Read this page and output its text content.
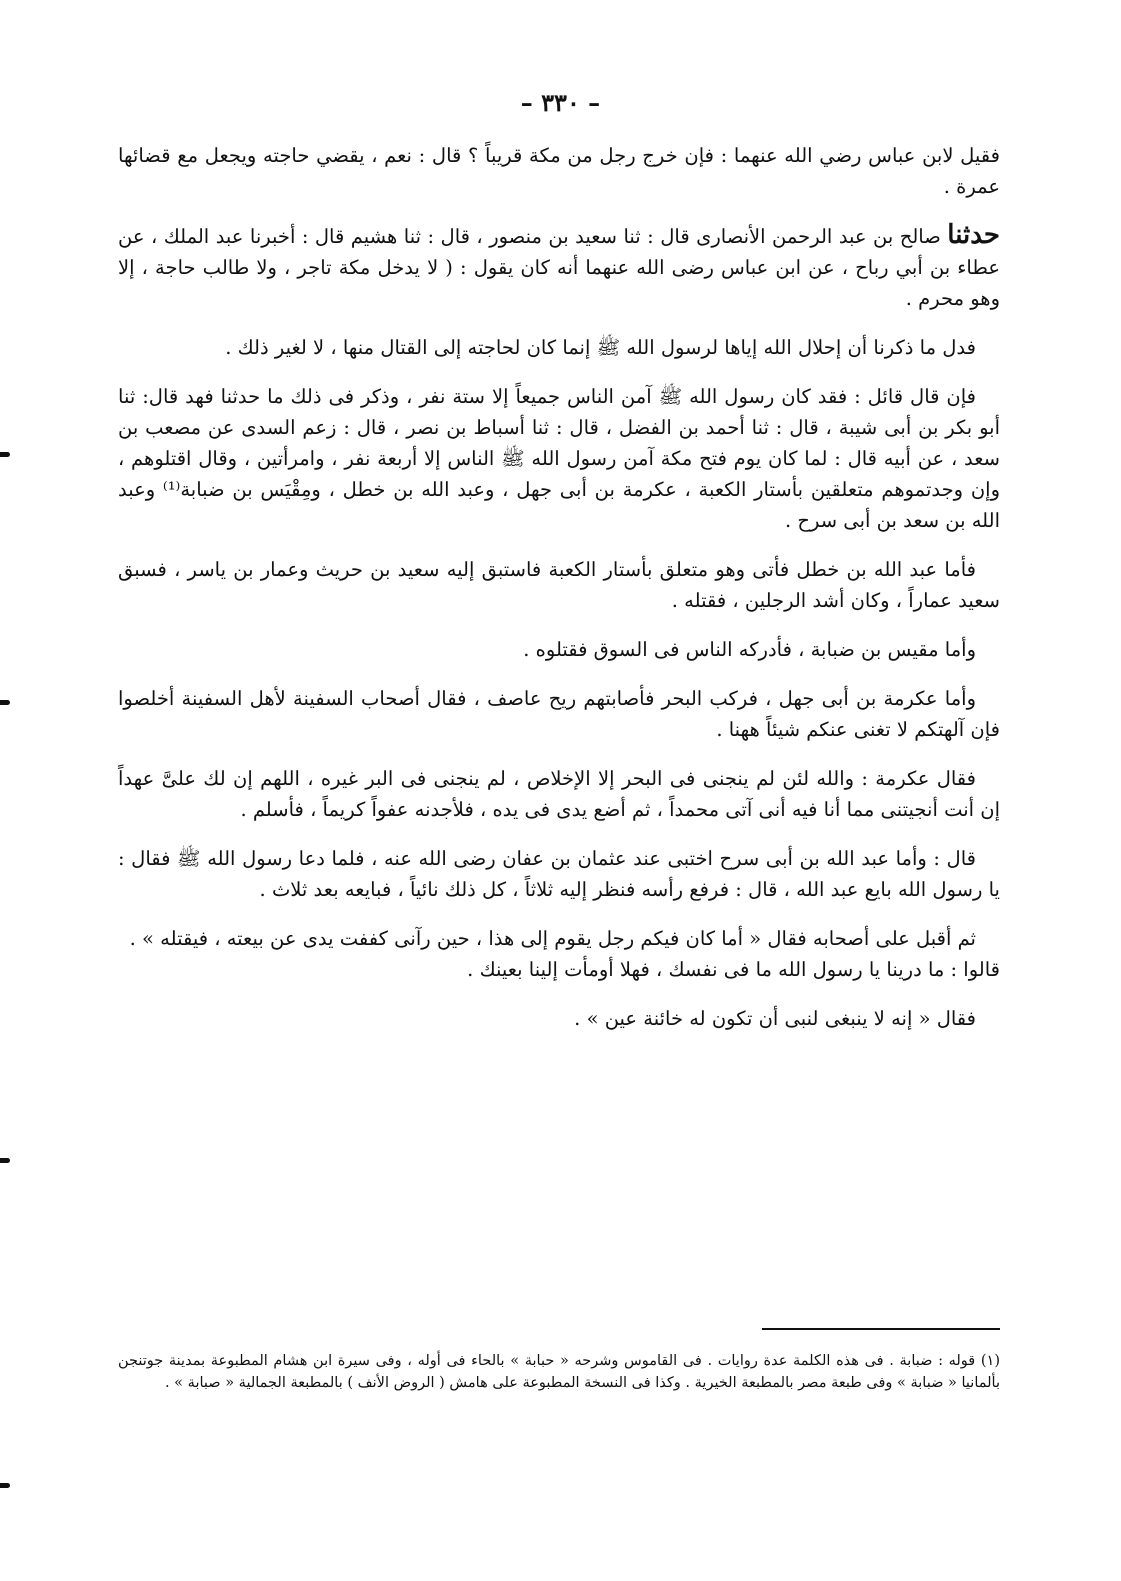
– ٣٣٠ –

فقيل لابن عباس رضي الله عنهما : فإن خرج رجل من مكة قريباً ؟ قال : نعم ، يقضي حاجته ويجعل مع قضائها عمرة .

حدثنا صالح بن عبد الرحمن الأنصارى قال : ثنا سعيد بن منصور ، قال : ثنا هشيم قال : أخبرنا عبد الملك ، عن عطاء بن أبي رباح ، عن ابن عباس رضى الله عنهما أنه كان يقول : ( لا يدخل مكة تاجر ، ولا طالب حاجة ، إلا وهو محرم .

فدل ما ذكرنا أن إحلال الله إياها لرسول الله ﷺ إنما كان لحاجته إلى القتال منها ، لا لغير ذلك .

فإن قال قائل : فقد كان رسول الله ﷺ آمن الناس جميعاً إلا ستة نفر ، وذكر فى ذلك ما حدثنا فهد قال: ثنا أبو بكر بن أبى شيبة ، قال : ثنا أحمد بن الفضل ، قال : ثنا أسباط بن نصر ، قال : زعم السدى عن مصعب بن سعد ، عن أبيه قال : لما كان يوم فتح مكة آمن رسول الله ﷺ الناس إلا أربعة نفر ، وامرأتين ، وقال اقتلوهم ، وإن وجدتموهم متعلقين بأستار الكعبة ، عكرمة بن أبى جهل ، وعبد الله بن خطل ، ومِقْيَس بن ضبابة⁽¹⁾ وعبد الله بن سعد بن أبى سرح .

فأما عبد الله بن خطل فأتى وهو متعلق بأستار الكعبة فاستبق إليه سعيد بن حريث وعمار بن ياسر ، فسبق سعيد عماراً ، وكان أشد الرجلين ، فقتله .

وأما مقيس بن ضبابة ، فأدركه الناس فى السوق فقتلوه .

وأما عكرمة بن أبى جهل ، فركب البحر فأصابتهم ريح عاصف ، فقال أصحاب السفينة لأهل السفينة أخلصوا فإن آلهتكم لا تغنى عنكم شيئاً ههنا .

فقال عكرمة : والله لئن لم ينجنى فى البحر إلا الإخلاص ، لم ينجنى فى البر غيره ، اللهم إن لك علىَّ عهداً إن أنت أنجيتنى مما أنا فيه أنى آتى محمداً ، ثم أضع يدى فى يده ، فلأجدنه عفواً كريماً ، فأسلم .

قال : وأما عبد الله بن أبى سرح اختبى عند عثمان بن عفان رضى الله عنه ، فلما دعا رسول الله ﷺ فقال : يا رسول الله بايع عبد الله ، قال : فرفع رأسه فنظر إليه ثلاثاً ، كل ذلك نائياً ، فبايعه بعد ثلاث .

ثم أقبل على أصحابه فقال « أما كان فيكم رجل يقوم إلى هذا ، حين رآنى كففت يدى عن بيعته ، فيقتله » .

قالوا : ما درينا يا رسول الله ما فى نفسك ، فهلا أومأت إلينا بعينك .

فقال « إنه لا ينبغى لنبى أن تكون له خائنة عين » .

(١) قوله : ضبابة . فى هذه الكلمة عدة روايات . فى القاموس وشرحه « حبابة » بالحاء فى أوله ، وفى سيرة ابن هشام المطبوعة بمدينة جوتنجن بألمانيا « ضبابة » وفى طبعة مصر بالمطبعة الخيرية . وكذا فى النسخة المطبوعة على هامش ( الروض الأنف ) بالمطبعة الجمالية « صبابة » .
